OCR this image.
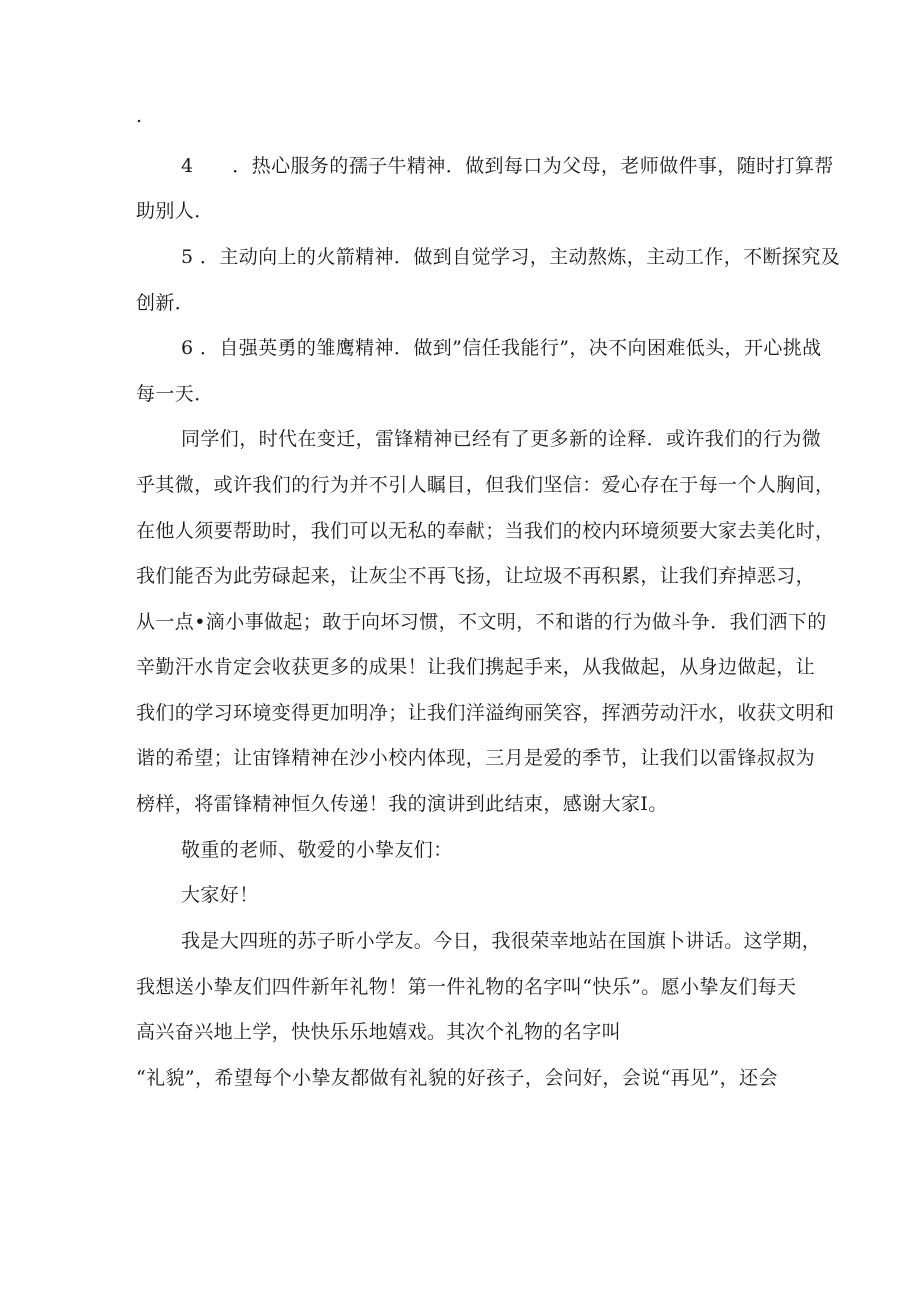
.
4  ．热心服务的孺子牛精神．做到每口为父母，老师做件事，随时打算帮
助别人．
5 ．主动向上的火箭精神．做到自觉学习，主动熬炼，主动工作，不断探究及
创新．
6 ．自强英勇的雏鹰精神．做到”信任我能行”，决不向困难低头，开心挑战
每一天．
同学们，时代在变迁，雷锋精神已经有了更多新的诠释．或许我们的行为微
乎其微，或许我们的行为并不引人瞩目，但我们坚信：爱心存在于每一个人胸间，
在他人须要帮助时，我们可以无私的奉献；当我们的校内环境须要大家去美化时，
我们能否为此劳碌起来，让灰尘不再飞扬，让垃圾不再积累，让我们弃掉恶习，
从一点•滴小事做起；敢于向坏习惯，不文明，不和谐的行为做斗争．我们洒下的
辛勤汗水肯定会收获更多的成果！让我们携起手来，从我做起，从身边做起，让
我们的学习环境变得更加明净；让我们洋溢绚丽笑容，挥洒劳动汗水，收获文明和
谐的希望；让宙锋精神在沙小校内体现，三月是爱的季节，让我们以雷锋叔叔为
榜样，将雷锋精神恒久传递！我的演讲到此结束，感谢大家I。
敬重的老师、敬爱的小挚友们：
大家好！
我是大四班的苏子昕小学友。今日，我很荣幸地站在国旗卜讲话。这学期，
我想送小挚友们四件新年礼物！第一件礼物的名字叫“快乐”。愿小挚友们每天
高兴奋兴地上学，快快乐乐地嬉戏。其次个礼物的名字叫
“礼貌”，希望每个小挚友都做有礼貌的好孩子，会问好，会说“再见”，还会
